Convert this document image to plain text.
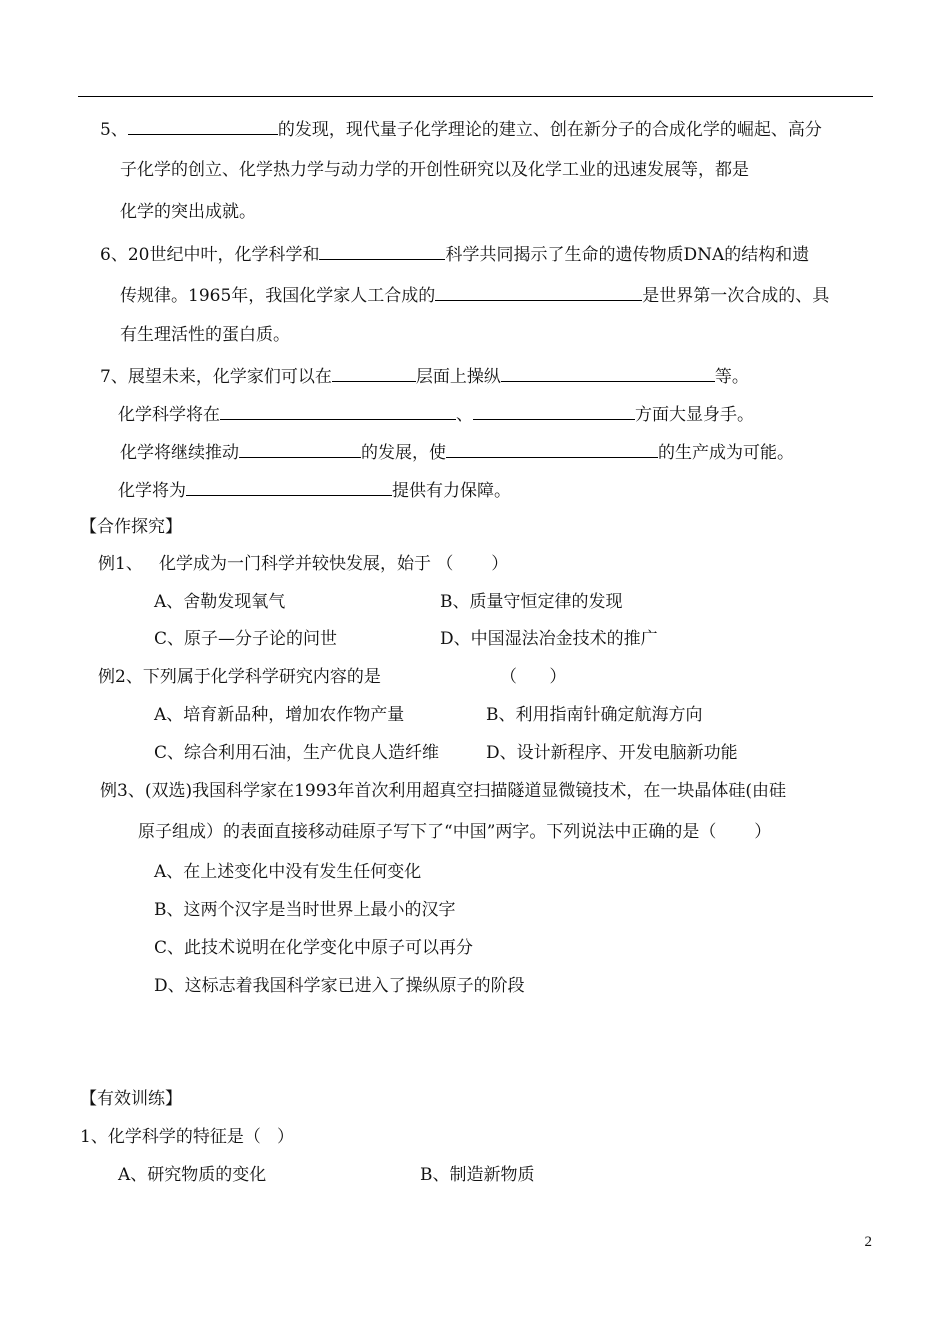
5、	的发现，现代量子化学理论的建立、创在新分子的合成化学的崛起、高分
子化学的创立、化学热力学与动力学的开创性研究以及化学工业的迅速发展等，都是
化学的突出成就。
6、20世纪中叶，化学科学和	科学共同揭示了生命的遗传物质DNA的结构和遗
传规律。1965年，我国化学家人工合成的	是世界第一次合成的、具
有生理活性的蛋白质。
7、展望未来，化学家们可以在	层面上操纵	等。
化学科学将在	、	方面大显身手。
化学将继续推动	的发展，使	的生产成为可能。
化学将为	提供有力保障。
【合作探究】
例1、   化学成为一门科学并较快发展，始于 （       ）
A、舍勒发现氧气	B、质量守恒定律的发现
C、原子—分子论的问世	D、中国湿法冶金技术的推广
例2、下列属于化学科学研究内容的是	（      ）
A、培育新品种，增加农作物产量	B、利用指南针确定航海方向
C、综合利用石油，生产优良人造纤维	D、设计新程序、开发电脑新功能
例3、(双选)我国科学家在1993年首次利用超真空扫描隧道显微镜技术，在一块晶体硅(由硅
原子组成）的表面直接移动硅原子写下了“中国”两字。下列说法中正确的是（       ）
A、在上述变化中没有发生任何变化
B、这两个汉字是当时世界上最小的汉字
C、此技术说明在化学变化中原子可以再分
D、这标志着我国科学家已进入了操纵原子的阶段
【有效训练】
1、化学科学的特征是（   ）
A、研究物质的变化	B、制造新物质
2
